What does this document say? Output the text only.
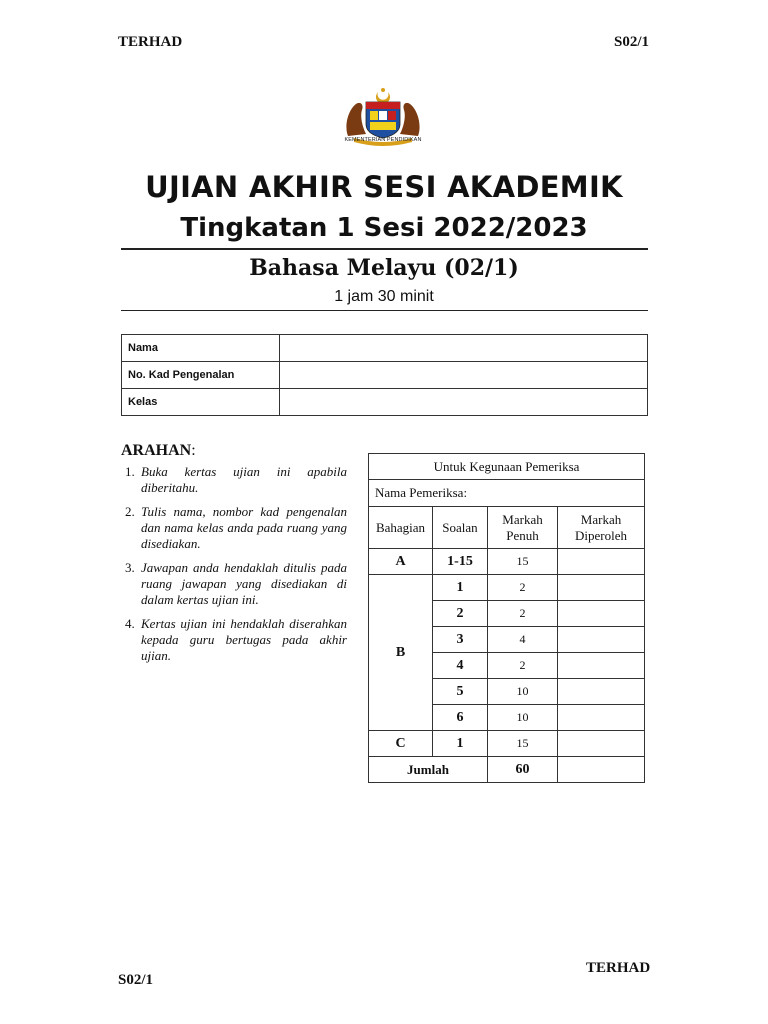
TERHAD	S02/1
KEMENTERIAN PENDIDIKAN
UJIAN AKHIR SESI AKADEMIK
Tingkatan 1 Sesi 2022/2023
Bahasa Melayu (02/1)
1 jam 30 minit
Nama	
No. Kad Pengenalan	
Kelas	
ARAHAN:
1. Buka kertas ujian ini apabila diberitahu.
2. Tulis nama, nombor kad pengenalan dan nama kelas anda pada ruang yang disediakan.
3. Jawapan anda hendaklah ditulis pada ruang jawapan yang disediakan di dalam kertas ujian ini.
4. Kertas ujian ini hendaklah diserahkan kepada guru bertugas pada akhir ujian.
Untuk Kegunaan Pemeriksa			
Nama Pemeriksa:			
Bahagian	Soalan	Markah Penuh	Markah Diperoleh
A	1-15	15	
B	1	2	
	2	2	
	3	4	
	4	2	
	5	10	
	6	10	
C	1	15	
Jumlah		60	
S02/1
TERHAD
